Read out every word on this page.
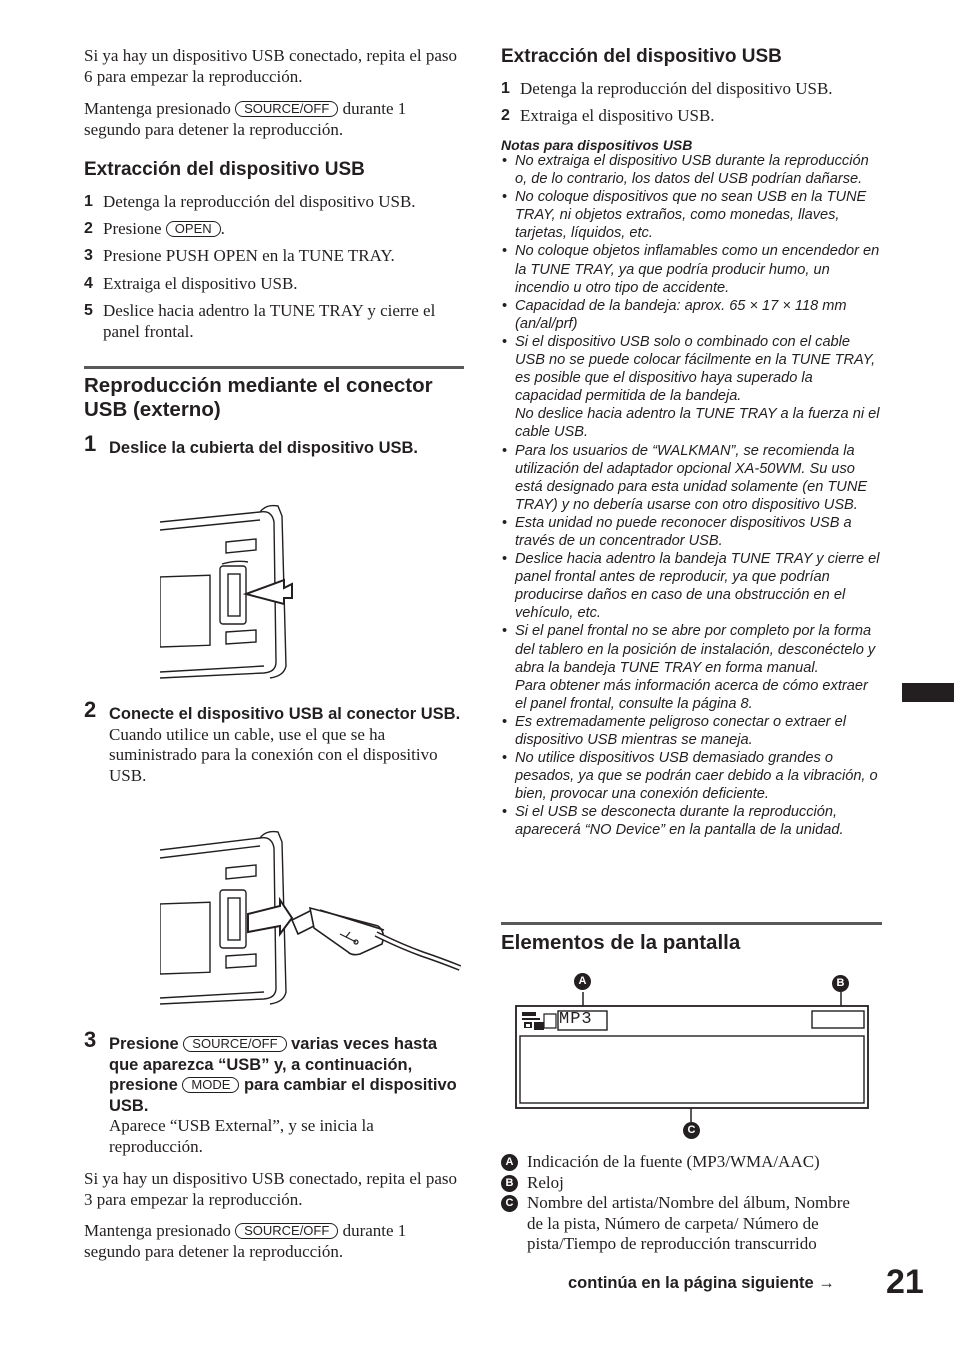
Si ya hay un dispositivo USB conectado, repita el paso 6 para empezar la reproducción.

Mantenga presionado SOURCE/OFF durante 1 segundo para detener la reproducción.

Extracción del dispositivo USB
1 Detenga la reproducción del dispositivo USB.
2 Presione OPEN .
3 Presione PUSH OPEN en la TUNE TRAY.
4 Extraiga el dispositivo USB.
5 Deslice hacia adentro la TUNE TRAY y cierre el panel frontal.
Reproducción mediante el conector USB (externo)
1 Deslice la cubierta del dispositivo USB.
2 Conecte el dispositivo USB al conector USB.
Cuando utilice un cable, use el que se ha suministrado para la conexión con el dispositivo USB.
3 Presione SOURCE/OFF varias veces hasta que aparezca “USB” y, a continuación, presione MODE para cambiar el dispositivo USB.
Aparece “USB External”, y se inicia la reproducción.

Si ya hay un dispositivo USB conectado, repita el paso 3 para empezar la reproducción.

Mantenga presionado SOURCE/OFF durante 1 segundo para detener la reproducción.

Extracción del dispositivo USB
1 Detenga la reproducción del dispositivo USB.
2 Extraiga el dispositivo USB.
Notas para dispositivos USB
• No extraiga el dispositivo USB durante la reproducción o, de lo contrario, los datos del USB podrían dañarse.
• No coloque dispositivos que no sean USB en la TUNE TRAY, ni objetos extraños, como monedas, llaves, tarjetas, líquidos, etc.
• No coloque objetos inflamables como un encendedor en la TUNE TRAY, ya que podría producir humo, un incendio u otro tipo de accidente.
• Capacidad de la bandeja: aprox. 65 × 17 × 118 mm (an/al/prf)
• Si el dispositivo USB solo o combinado con el cable USB no se puede colocar fácilmente en la TUNE TRAY, es posible que el dispositivo haya superado la capacidad permitida de la bandeja.
No deslice hacia adentro la TUNE TRAY a la fuerza ni el cable USB.
• Para los usuarios de “WALKMAN”, se recomienda la utilización del adaptador opcional XA-50WM. Su uso está designado para esta unidad solamente (en TUNE TRAY) y no debería usarse con otro dispositivo USB.
• Esta unidad no puede reconocer dispositivos USB a través de un concentrador USB.
• Deslice hacia adentro la bandeja TUNE TRAY y cierre el panel frontal antes de reproducir, ya que podrían producirse daños en caso de una obstrucción en el vehículo, etc.
• Si el panel frontal no se abre por completo por la forma del tablero en la posición de instalación, desconéctelo y abra la bandeja TUNE TRAY en forma manual.
Para obtener más información acerca de cómo extraer el panel frontal, consulte la página 8.
• Es extremadamente peligroso conectar o extraer el dispositivo USB mientras se maneja.
• No utilice dispositivos USB demasiado grandes o pesados, ya que se podrán caer debido a la vibración, o bien, provocar una conexión deficiente.
• Si el USB se desconecta durante la reproducción, aparecerá “NO Device” en la pantalla de la unidad.
Elementos de la pantalla
MP3
A	B
C
A Indicación de la fuente (MP3/WMA/AAC)
B Reloj
C Nombre del artista/Nombre del álbum, Nombre de la pista, Número de carpeta/ Número de pista/Tiempo de reproducción transcurrido
continúa en la página siguiente → 21
